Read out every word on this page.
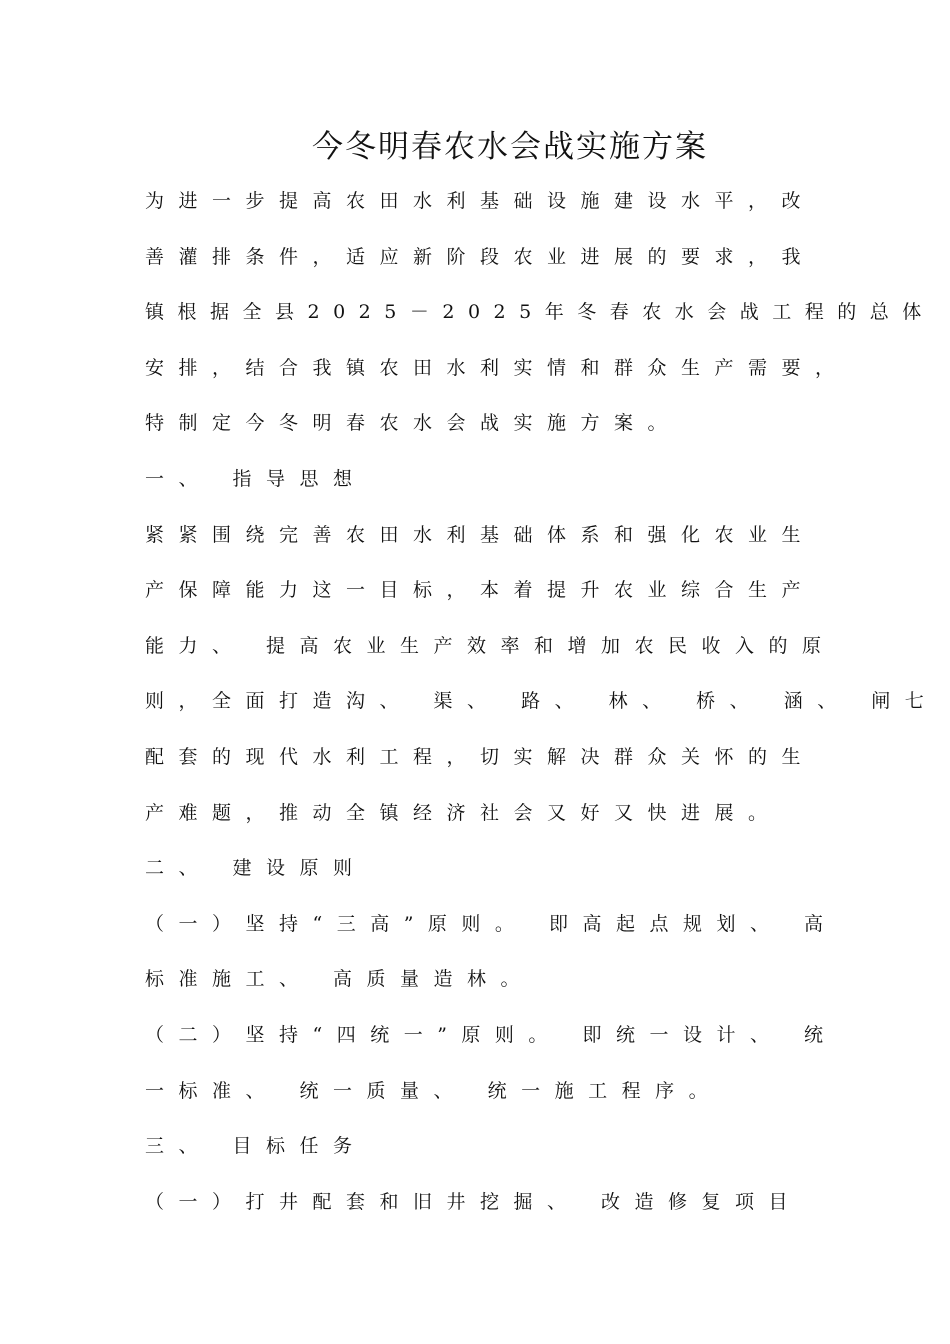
今冬明春农水会战实施方案
为进一步提高农田水利基础设施建设水平，改
善灌排条件，适应新阶段农业进展的要求，我
镇根据全县2025－2025年冬春农水会战工程的总体
安排，结合我镇农田水利实情和群众生产需要，
特制定今冬明春农水会战实施方案。
一、 指导思想
紧紧围绕完善农田水利基础体系和强化农业生
产保障能力这一目标，本着提升农业综合生产
能力、 提高农业生产效率和增加农民收入的原
则，全面打造沟、 渠、 路、 林、 桥、 涵、 闸七
配套的现代水利工程，切实解决群众关怀的生
产难题，推动全镇经济社会又好又快进展。
二、 建设原则
（一）坚持“三高”原则。 即高起点规划、 高
标准施工、 高质量造林。
（二）坚持“四统一”原则。 即统一设计、 统
一标准、 统一质量、 统一施工程序。
三、 目标任务
（一）打井配套和旧井挖掘、 改造修复项目
